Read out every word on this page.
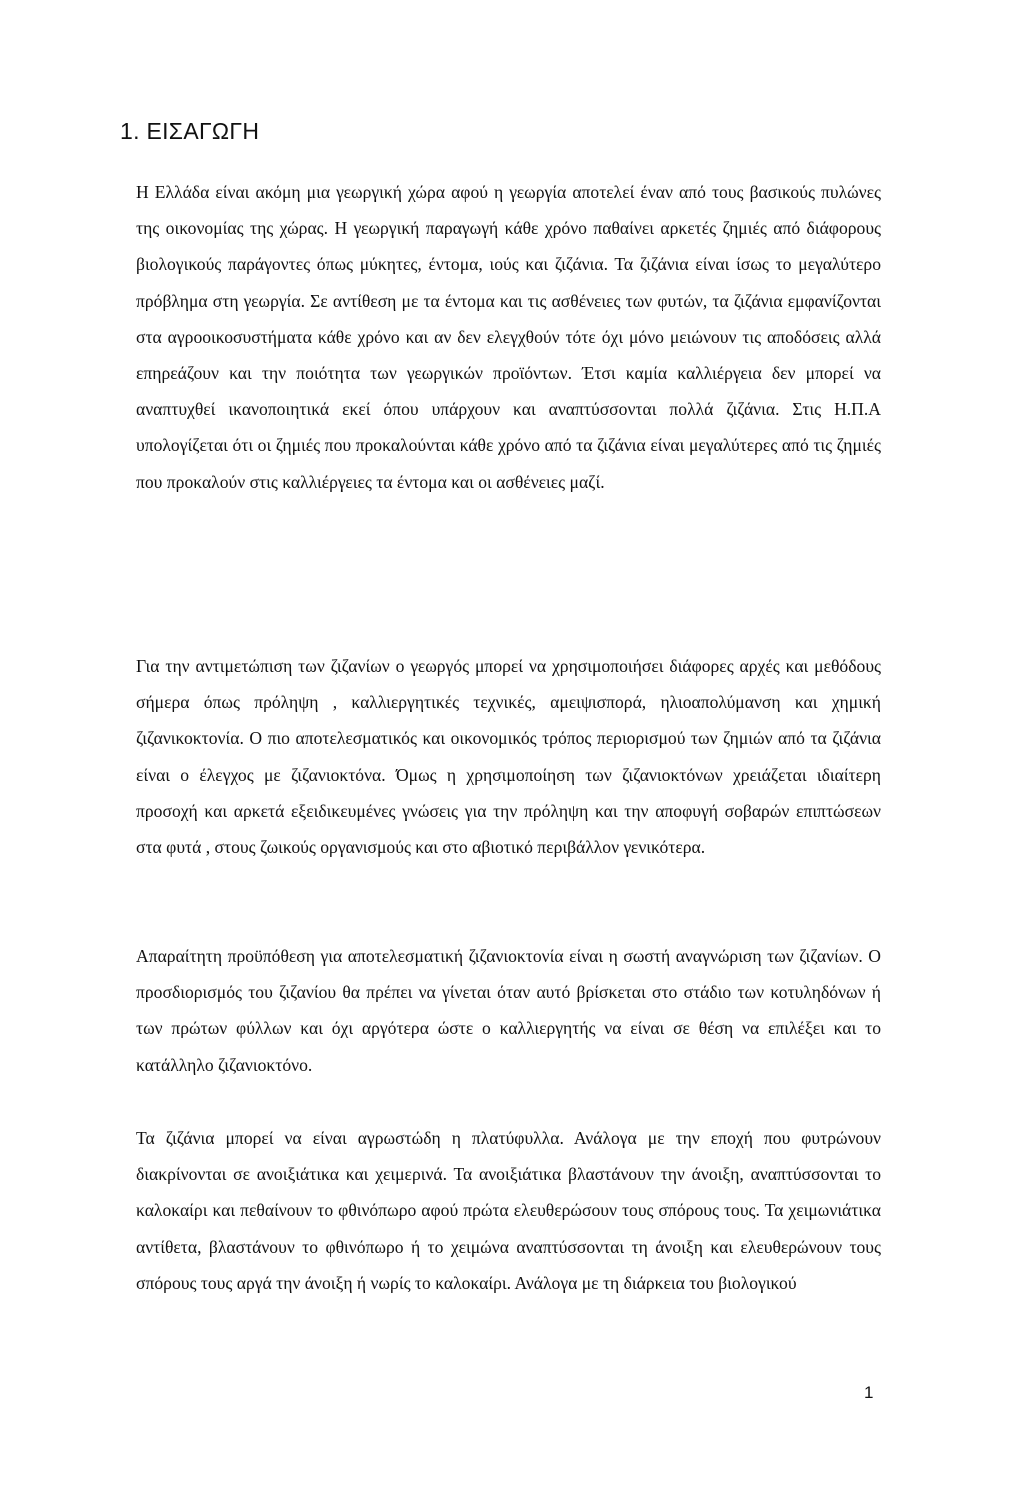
1. ΕΙΣΑΓΩΓΗ

Η Ελλάδα είναι ακόμη μια γεωργική χώρα αφού η γεωργία αποτελεί έναν από τους βασικούς πυλώνες της οικονομίας της χώρας. Η γεωργική παραγωγή κάθε χρόνο παθαίνει αρκετές ζημιές από διάφορους βιολογικούς παράγοντες όπως μύκητες, έντομα, ιούς και ζιζάνια. Τα ζιζάνια είναι ίσως το μεγαλύτερο πρόβλημα στη γεωργία. Σε αντίθεση με τα έντομα και τις ασθένειες των φυτών, τα ζιζάνια εμφανίζονται στα αγροοικοσυστήματα κάθε χρόνο και αν δεν ελεγχθούν τότε όχι μόνο μειώνουν τις αποδόσεις αλλά επηρεάζουν και την ποιότητα των γεωργικών προϊόντων. Έτσι καμία καλλιέργεια δεν μπορεί να αναπτυχθεί ικανοποιητικά εκεί όπου υπάρχουν και αναπτύσσονται πολλά ζιζάνια. Στις Η.Π.Α υπολογίζεται ότι οι ζημιές που προκαλούνται κάθε χρόνο από τα ζιζάνια είναι μεγαλύτερες από τις ζημιές που προκαλούν στις καλλιέργειες τα έντομα και οι ασθένειες μαζί.

Για την αντιμετώπιση των ζιζανίων ο γεωργός μπορεί να χρησιμοποιήσει διάφορες αρχές και μεθόδους σήμερα όπως πρόληψη , καλλιεργητικές τεχνικές, αμειψισπορά, ηλιοαπολύμανση και χημική ζιζανικοκτονία. Ο πιο αποτελεσματικός και οικονομικός τρόπος περιορισμού των ζημιών από τα ζιζάνια είναι ο έλεγχος με ζιζανιοκτόνα. Όμως η χρησιμοποίηση των ζιζανιοκτόνων χρειάζεται ιδιαίτερη προσοχή και αρκετά εξειδικευμένες γνώσεις για την πρόληψη και την αποφυγή σοβαρών επιπτώσεων στα φυτά , στους ζωικούς οργανισμούς και στο αβιοτικό περιβάλλον γενικότερα.

Απαραίτητη προϋπόθεση για αποτελεσματική ζιζανιοκτονία είναι η σωστή αναγνώριση των ζιζανίων. Ο προσδιορισμός του ζιζανίου θα πρέπει να γίνεται όταν αυτό βρίσκεται στο στάδιο των κοτυληδόνων ή των πρώτων φύλλων και όχι αργότερα ώστε ο καλλιεργητής να είναι σε θέση να επιλέξει και το κατάλληλο ζιζανιοκτόνο.

Τα ζιζάνια μπορεί να είναι αγρωστώδη η πλατύφυλλα. Ανάλογα με την εποχή που φυτρώνουν διακρίνονται σε ανοιξιάτικα και χειμερινά. Τα ανοιξιάτικα βλαστάνουν την άνοιξη, αναπτύσσονται το καλοκαίρι και πεθαίνουν το φθινόπωρο αφού πρώτα ελευθερώσουν τους σπόρους τους. Τα χειμωνιάτικα αντίθετα, βλαστάνουν το φθινόπωρο ή το χειμώνα αναπτύσσονται τη άνοιξη και ελευθερώνουν τους σπόρους τους αργά την άνοιξη ή νωρίς το καλοκαίρι. Ανάλογα με τη διάρκεια του βιολογικού

1
